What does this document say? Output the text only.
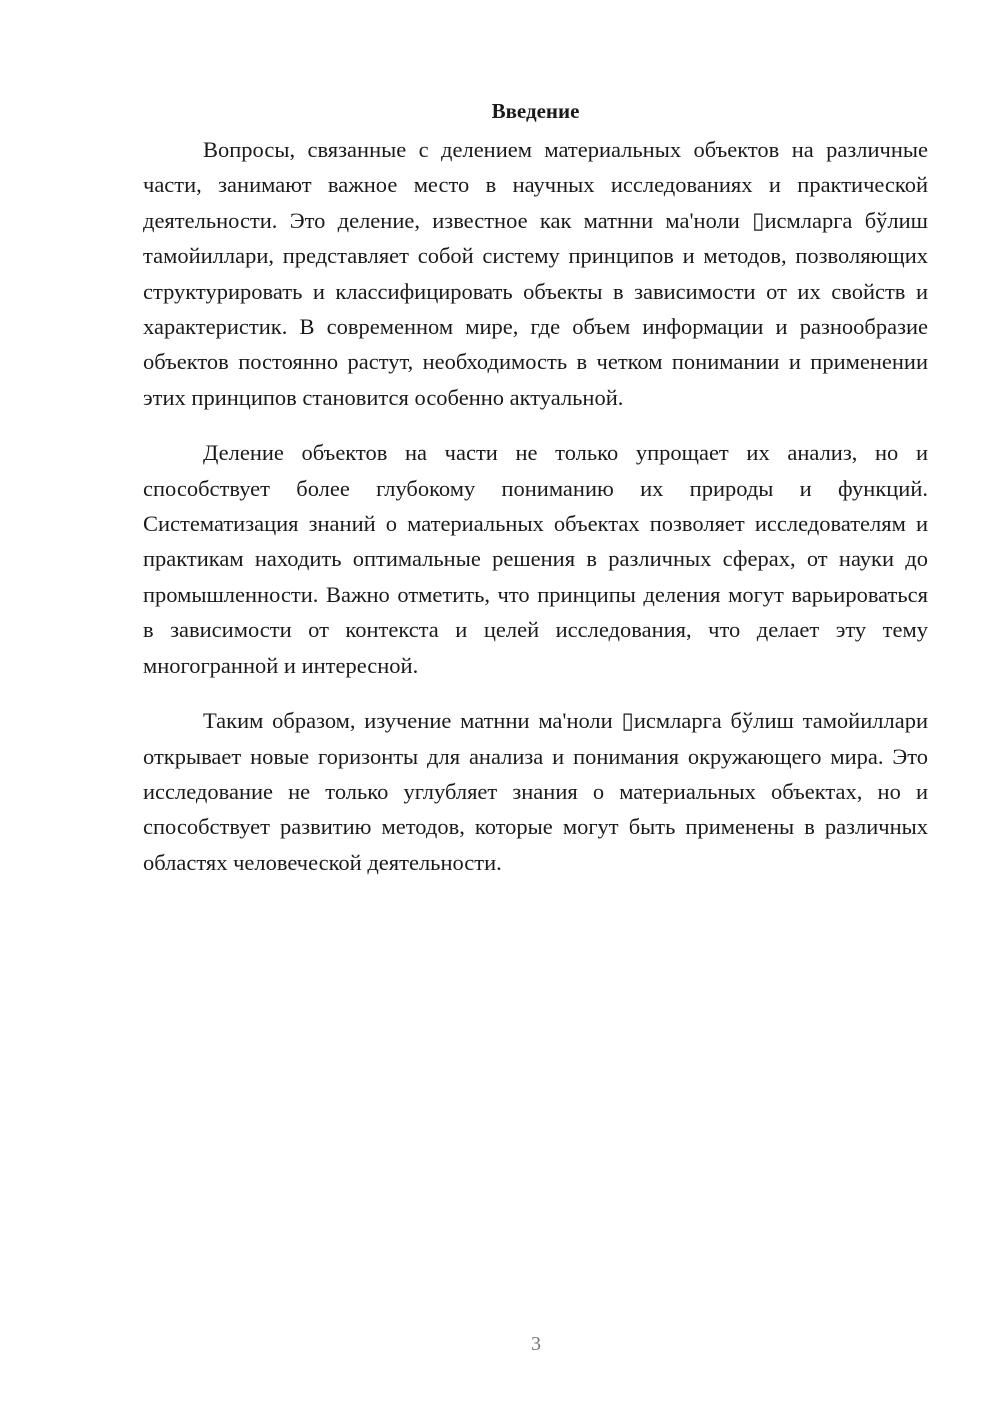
Введение

Вопросы, связанные с делением материальных объектов на различные части, занимают важное место в научных исследованиях и практической деятельности. Это деление, известное как матнни ма'ноли ▯исмларга бўлиш тамойиллари, представляет собой систему принципов и методов, позволяющих структурировать и классифицировать объекты в зависимости от их свойств и характеристик. В современном мире, где объем информации и разнообразие объектов постоянно растут, необходимость в четком понимании и применении этих принципов становится особенно актуальной.

Деление объектов на части не только упрощает их анализ, но и способствует более глубокому пониманию их природы и функций. Систематизация знаний о материальных объектах позволяет исследователям и практикам находить оптимальные решения в различных сферах, от науки до промышленности. Важно отметить, что принципы деления могут варьироваться в зависимости от контекста и целей исследования, что делает эту тему многогранной и интересной.

Таким образом, изучение матнни ма'ноли ▯исмларга бўлиш тамойиллари открывает новые горизонты для анализа и понимания окружающего мира. Это исследование не только углубляет знания о материальных объектах, но и способствует развитию методов, которые могут быть применены в различных областях человеческой деятельности.

3
